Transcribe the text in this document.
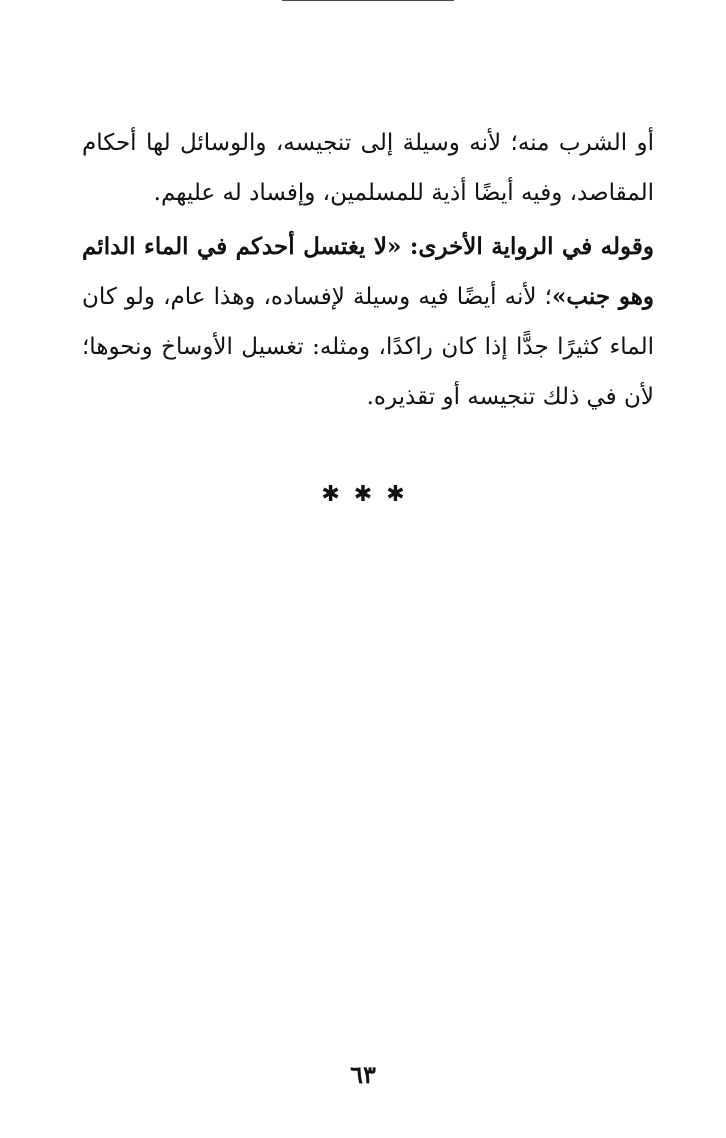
أو الشرب منه؛ لأنه وسيلة إلى تنجيسه، والوسائل لها أحكام
المقاصد، وفيه أيضًا أذية للمسلمين، وإفساد له عليهم.
وقوله في الرواية الأخرى: «لا يغتسل أحدكم في الماء الدائم
وهو جنب»؛ لأنه أيضًا فيه وسيلة لإفساده، وهذا عام، ولو كان
الماء كثيرًا جدًّا إذا كان راكدًا، ومثله: تغسيل الأوساخ ونحوها؛
لأن في ذلك تنجيسه أو تقذيره.
✱✱✱
٦٣
